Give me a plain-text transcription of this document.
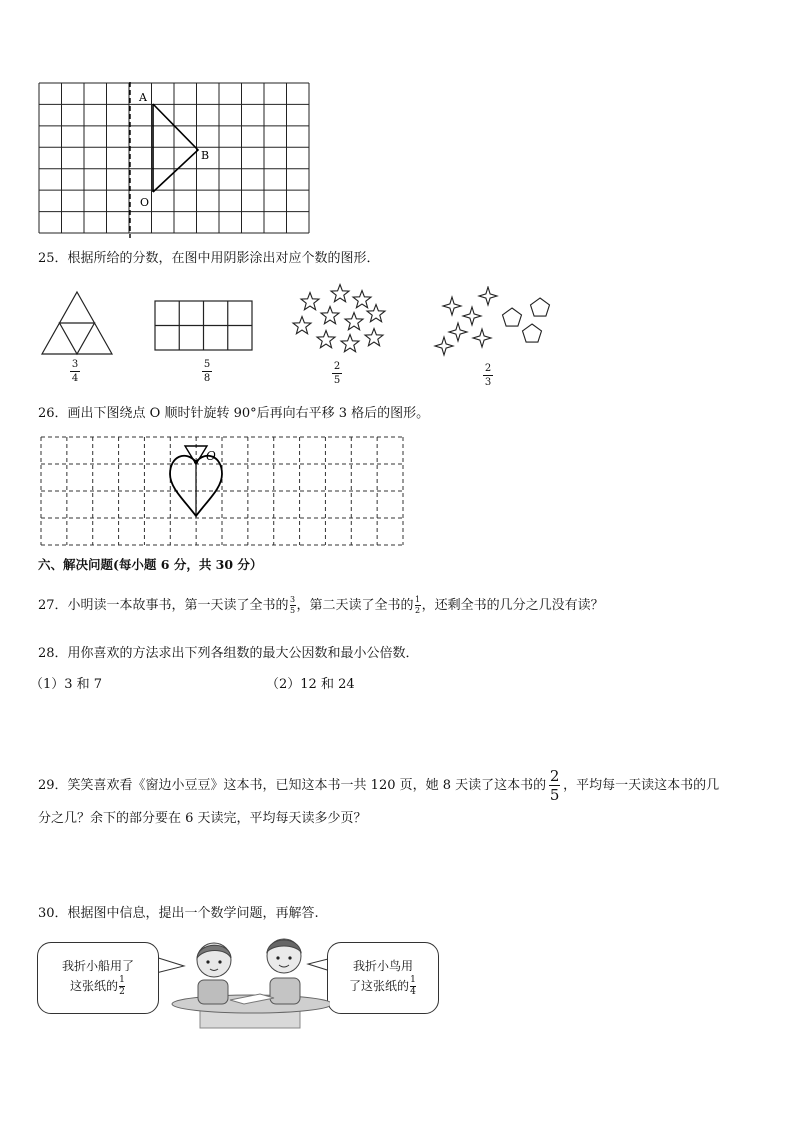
A
B
O
25．根据所给的分数，在图中用阴影涂出对应个数的图形．
3
4
5
8
2
5
2
3
26．画出下图绕点 O 顺时针旋转 90°后再向右平移 3 格后的图形。
O
六、解决问题(每小题 6 分，共 30 分）
27．小明读一本故事书，第一天读了全书的 $\frac{3}{5}$ ，第二天读了全书的 $\frac{1}{2}$ ，还剩全书的几分之几没有读？
28．用你喜欢的方法求出下列各组数的最大公因数和最小公倍数．
（1）3 和 7	（2）12 和 24
29．笑笑喜欢看《窗边小豆豆》这本书，已知这本书一共 120 页，她 8 天读了这本书的 $\frac{2}{5}$ ，平均每一天读这本书的几
分之几？余下的部分要在 6 天读完，平均每天读多少页？
30．根据图中信息，提出一个数学问题，再解答.
我折小船用了
这张纸的 $\frac{1}{2}$
我折小鸟用
了这张纸的 $\frac{1}{4}$
